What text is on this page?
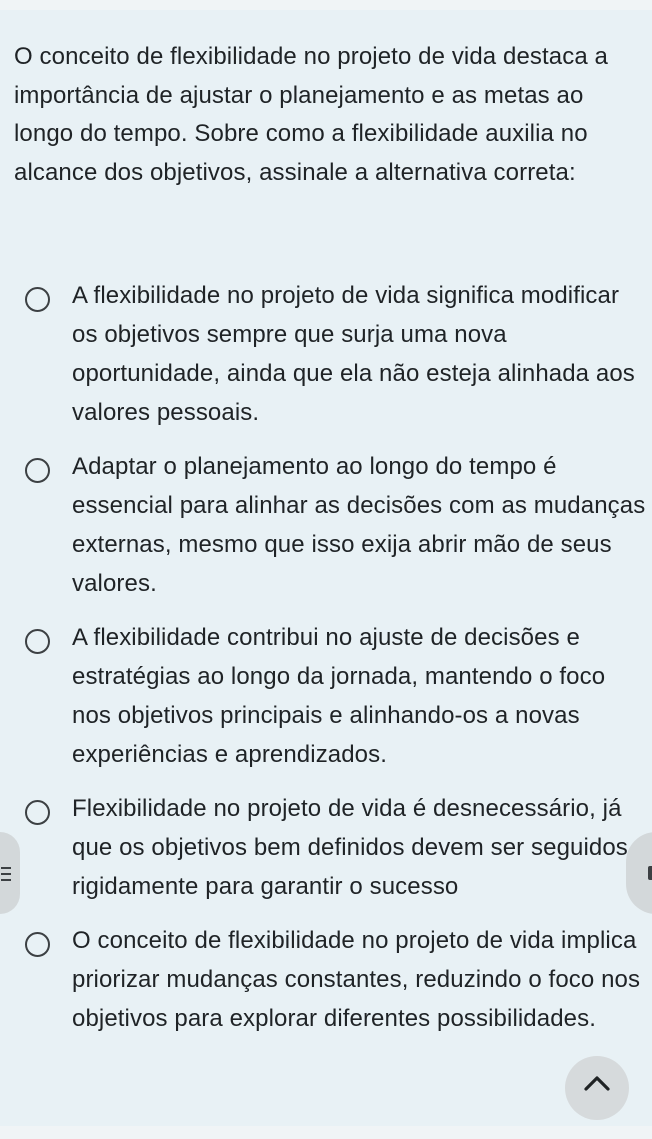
O conceito de flexibilidade no projeto de vida destaca a importância de ajustar o planejamento e as metas ao longo do tempo. Sobre como a flexibilidade auxilia no alcance dos objetivos, assinale a alternativa correta:
A flexibilidade no projeto de vida significa modificar os objetivos sempre que surja uma nova oportunidade, ainda que ela não esteja alinhada aos valores pessoais.
Adaptar o planejamento ao longo do tempo é essencial para alinhar as decisões com as mudanças externas, mesmo que isso exija abrir mão de seus valores.
A flexibilidade contribui no ajuste de decisões e estratégias ao longo da jornada, mantendo o foco nos objetivos principais e alinhando-os a novas experiências e aprendizados.
Flexibilidade no projeto de vida é desnecessário, já que os objetivos bem definidos devem ser seguidos rigidamente para garantir o sucesso
O conceito de flexibilidade no projeto de vida implica priorizar mudanças constantes, reduzindo o foco nos objetivos para explorar diferentes possibilidades.
